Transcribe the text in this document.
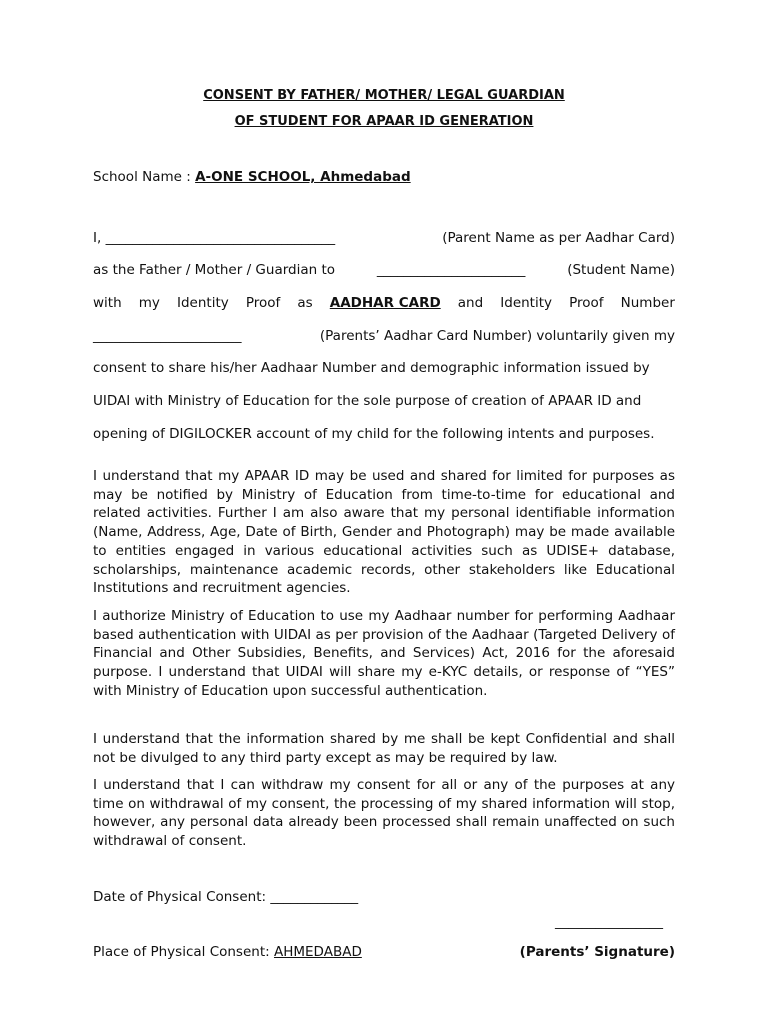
CONSENT BY FATHER/ MOTHER/ LEGAL GUARDIAN
OF STUDENT FOR APAAR ID GENERATION
School Name : A-ONE SCHOOL, Ahmedabad
I, __________________________________	(Parent Name as per Aadhar Card)
as the Father / Mother / Guardian to	______________________	(Student Name)
with my Identity Proof as AADHAR CARD and Identity Proof Number
______________________	(Parents’ Aadhar Card Number) voluntarily given my
consent to share his/her Aadhaar Number and demographic information issued by
UIDAI with Ministry of Education for the sole purpose of creation of APAAR ID and
opening of DIGILOCKER account of my child for the following intents and purposes.
I understand that my APAAR ID may be used and shared for limited for purposes as may be notified by Ministry of Education from time-to-time for educational and related activities. Further I am also aware that my personal identifiable information (Name, Address, Age, Date of Birth, Gender and Photograph) may be made available to entities engaged in various educational activities such as UDISE+ database, scholarships, maintenance academic records, other stakeholders like Educational Institutions and recruitment agencies.
I authorize Ministry of Education to use my Aadhaar number for performing Aadhaar based authentication with UIDAI as per provision of the Aadhaar (Targeted Delivery of Financial and Other Subsidies, Benefits, and Services) Act, 2016 for the aforesaid purpose. I understand that UIDAI will share my e-KYC details, or response of “YES” with Ministry of Education upon successful authentication.
I understand that the information shared by me shall be kept Confidential and shall not be divulged to any third party except as may be required by law.
I understand that I can withdraw my consent for all or any of the purposes at any time on withdrawal of my consent, the processing of my shared information will stop, however, any personal data already been processed shall remain unaffected on such withdrawal of consent.
Date of Physical Consent: _____________
________________
Place of Physical Consent: AHMEDABAD	(Parents’ Signature)
